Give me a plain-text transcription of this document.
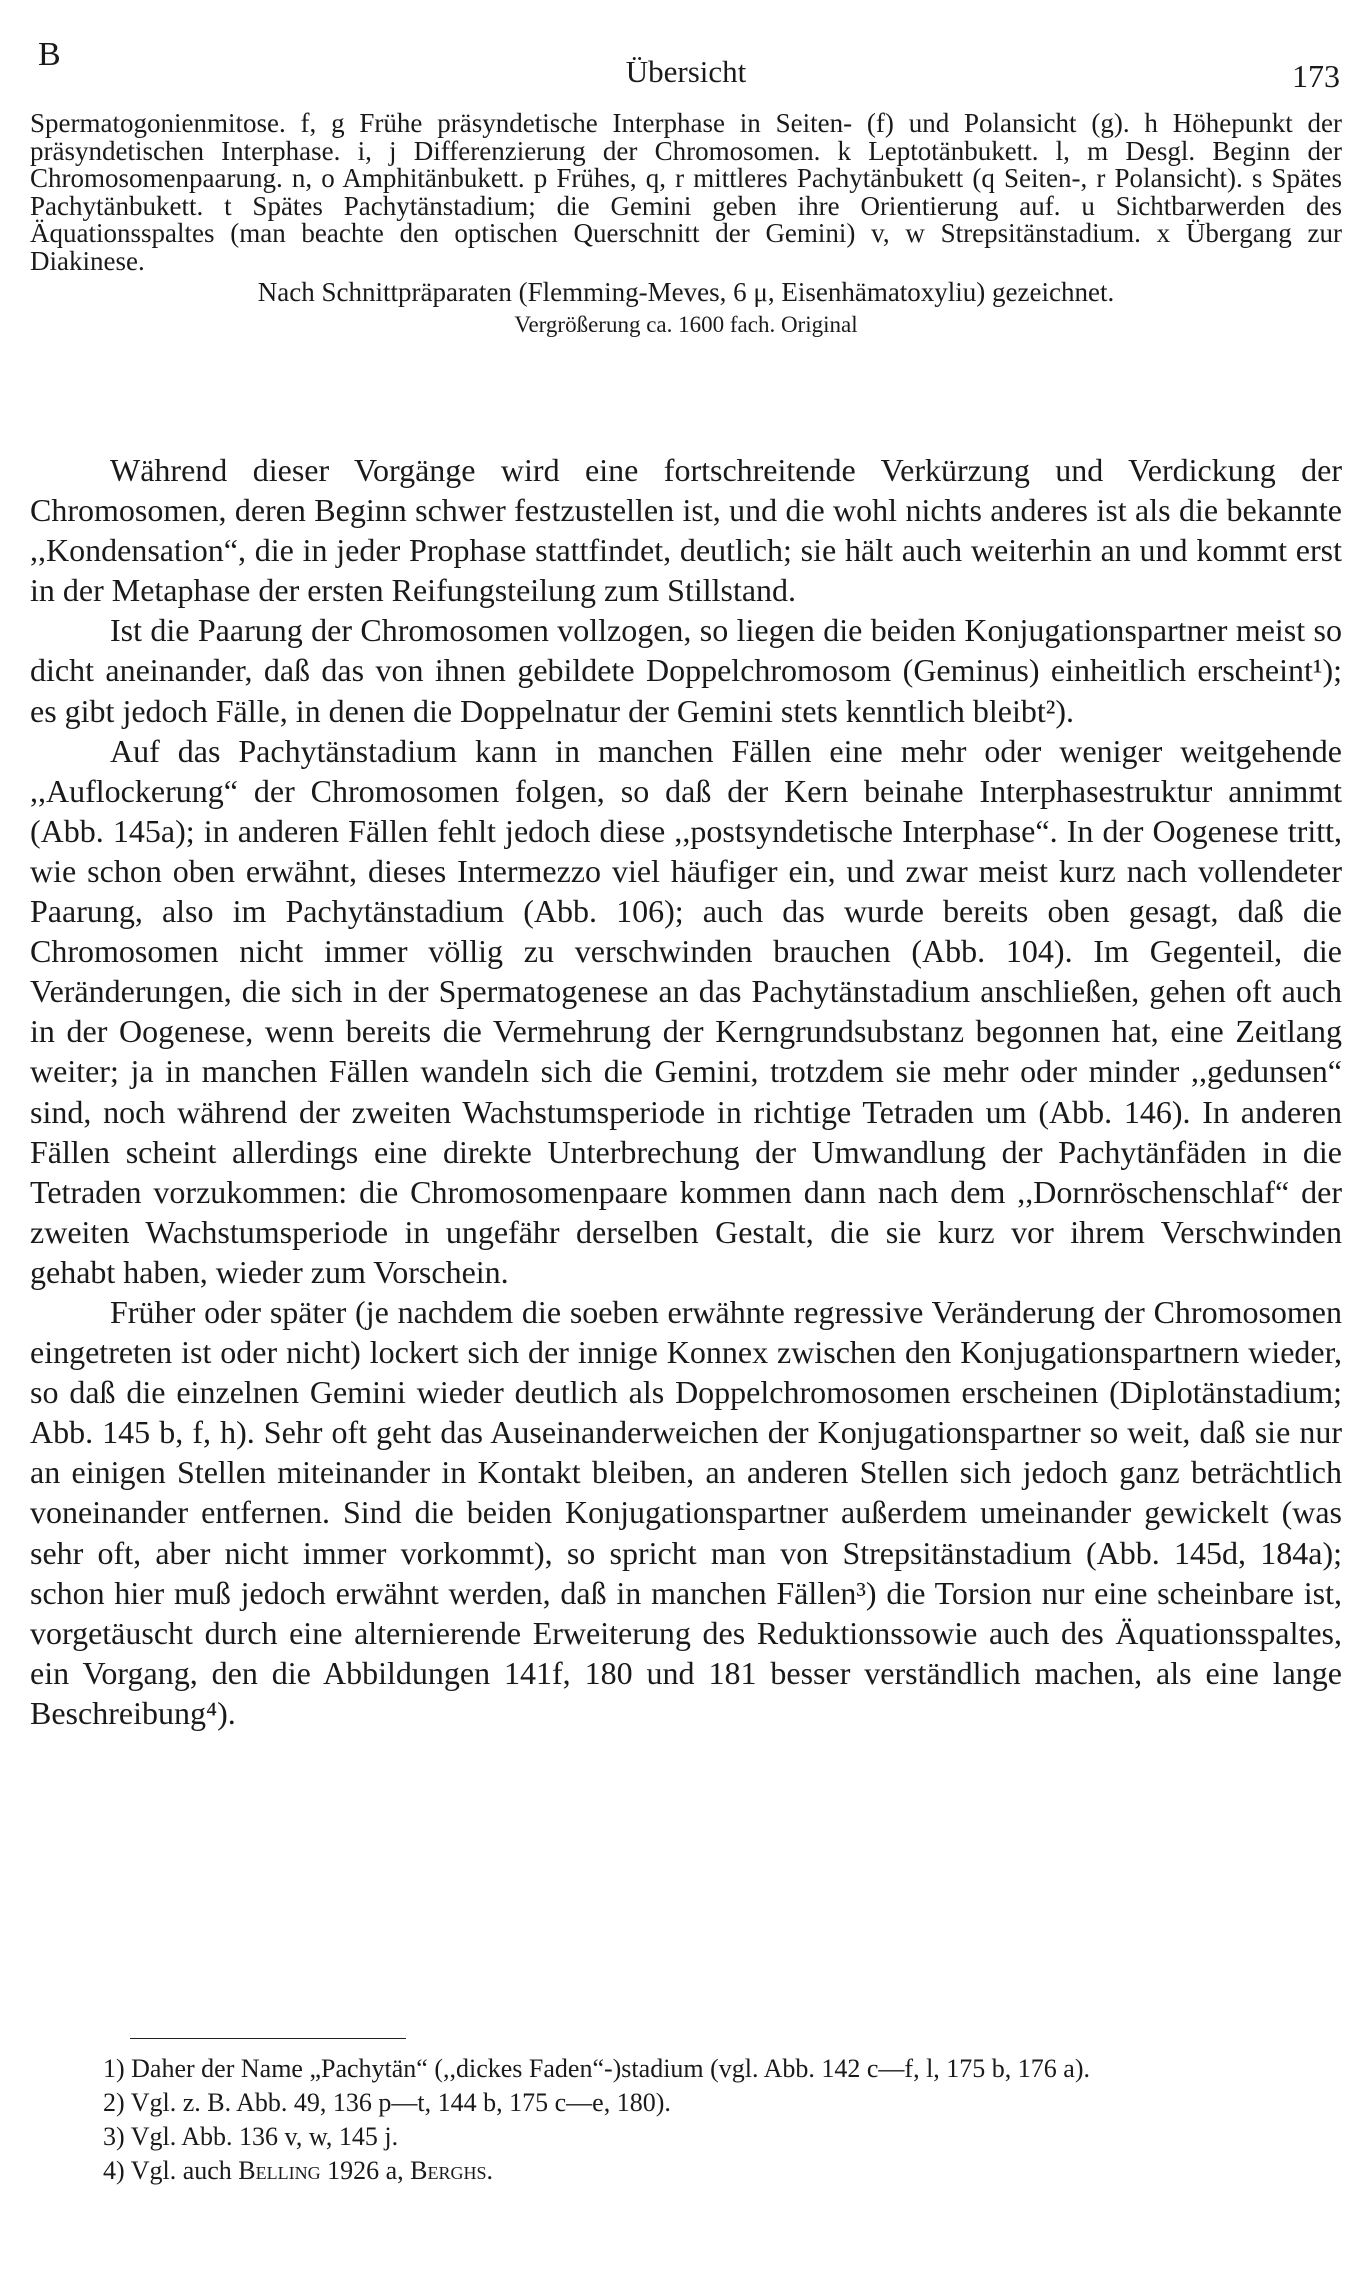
B	Übersicht	173

Spermatogonienmitose. f, g Frühe präsyndetische Interphase in Seiten- (f) und Polansicht (g). h Höhepunkt der präsyndetischen Interphase. i, j Differenzierung der Chromosomen. k Leptotänbukett. l, m Desgl. Beginn der Chromosomenpaarung. n, o Amphitänbukett. p Frühes, q, r mittleres Pachytänbukett (q Seiten-, r Polansicht). s Spätes Pachytänbukett. t Spätes Pachytänstadium; die Gemini geben ihre Orientierung auf. u Sichtbarwerden des Äquationsspaltes (man beachte den optischen Querschnitt der Gemini) v, w Strepsitänstadium. x Übergang zur Diakinese.

Nach Schnittpräparaten (Flemming-Meves, 6 μ, Eisenhämatoxyliu) gezeichnet.

Vergrößerung ca. 1600 fach. Original

Während dieser Vorgänge wird eine fortschreitende Verkürzung und Verdickung der Chromosomen, deren Beginn schwer festzustellen ist, und die wohl nichts anderes ist als die bekannte ,,Kondensation“, die in jeder Prophase stattfindet, deutlich; sie hält auch weiterhin an und kommt erst in der Metaphase der ersten Reifungsteilung zum Stillstand.

Ist die Paarung der Chromosomen vollzogen, so liegen die beiden Konjugationspartner meist so dicht aneinander, daß das von ihnen gebildete Doppelchromosom (Geminus) einheitlich erscheint¹); es gibt jedoch Fälle, in denen die Doppelnatur der Gemini stets kenntlich bleibt²).

Auf das Pachytänstadium kann in manchen Fällen eine mehr oder weniger weitgehende ,,Auflockerung“ der Chromosomen folgen, so daß der Kern beinahe Interphasestruktur annimmt (Abb. 145a); in anderen Fällen fehlt jedoch diese ,,postsyndetische Interphase“. In der Oogenese tritt, wie schon oben erwähnt, dieses Intermezzo viel häufiger ein, und zwar meist kurz nach vollendeter Paarung, also im Pachytänstadium (Abb. 106); auch das wurde bereits oben gesagt, daß die Chromosomen nicht immer völlig zu verschwinden brauchen (Abb. 104). Im Gegenteil, die Veränderungen, die sich in der Spermatogenese an das Pachytänstadium anschließen, gehen oft auch in der Oogenese, wenn bereits die Vermehrung der Kerngrundsubstanz begonnen hat, eine Zeitlang weiter; ja in manchen Fällen wandeln sich die Gemini, trotzdem sie mehr oder minder ,,gedunsen“ sind, noch während der zweiten Wachstumsperiode in richtige Tetraden um (Abb. 146). In anderen Fällen scheint allerdings eine direkte Unterbrechung der Umwandlung der Pachytänfäden in die Tetraden vorzukommen: die Chromosomenpaare kommen dann nach dem ,,Dornröschenschlaf“ der zweiten Wachstumsperiode in ungefähr derselben Gestalt, die sie kurz vor ihrem Verschwinden gehabt haben, wieder zum Vorschein.

Früher oder später (je nachdem die soeben erwähnte regressive Veränderung der Chromosomen eingetreten ist oder nicht) lockert sich der innige Konnex zwischen den Konjugationspartnern wieder, so daß die einzelnen Gemini wieder deutlich als Doppelchromosomen erscheinen (Diplotänstadium; Abb. 145 b, f, h). Sehr oft geht das Auseinanderweichen der Konjugationspartner so weit, daß sie nur an einigen Stellen miteinander in Kontakt bleiben, an anderen Stellen sich jedoch ganz beträchtlich voneinander entfernen. Sind die beiden Konjugationspartner außerdem umeinander gewickelt (was sehr oft, aber nicht immer vorkommt), so spricht man von Strepsitänstadium (Abb. 145d, 184a); schon hier muß jedoch erwähnt werden, daß in manchen Fällen³) die Torsion nur eine scheinbare ist, vorgetäuscht durch eine alternierende Erweiterung des Reduktionssowie auch des Äquationsspaltes, ein Vorgang, den die Abbildungen 141f, 180 und 181 besser verständlich machen, als eine lange Beschreibung⁴).

1) Daher der Name „Pachytän“ (,,dickes Faden“-)stadium (vgl. Abb. 142 c—f, l, 175 b, 176 a).

2) Vgl. z. B. Abb. 49, 136 p—t, 144 b, 175 c—e, 180).

3) Vgl. Abb. 136 v, w, 145 j.

4) Vgl. auch Belling 1926 a, Berghs.
